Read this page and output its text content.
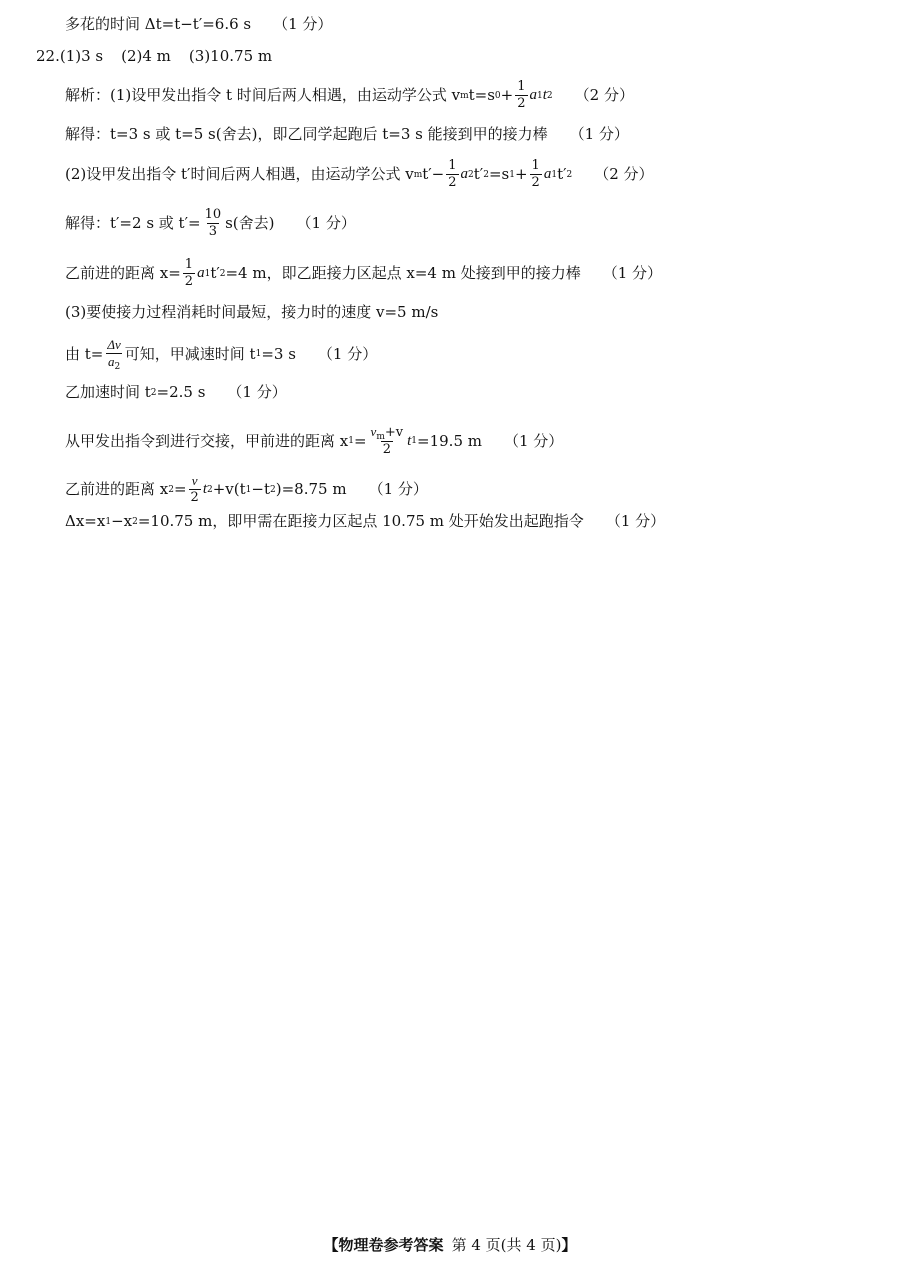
多花的时间 Δt=t−t′=6.6 s （1 分）
22. (1)3 s (2)4 m (3)10.75 m
解析：(1)设甲发出指令 t 时间后两人相遇，由运动学公式 v m t=s $0 + \frac{1}{2}$ a 1 t 2 （2 分）
解得：t=3 s 或 t=5 s(舍去)，即乙同学起跑后 t=3 s 能接到甲的接力棒 （1 分）
(2)设甲发出指令 t′时间后两人相遇，由运动学公式 v m $t'- \frac{1}{2}$ a 2 t′ 2 =s $1 + \frac{1}{2}$ a 1 t′ 2 （2 分）
解得：t′=2 s 或 $t'= \frac{10}{3} s$(舍去) （1 分）
乙前进的距离 $x= \frac{1}{2}$ a 1 t′ 2 =4 m，即乙距接力区起点 x=4 m 处接到甲的接力棒 （1 分）
(3)要使接力过程消耗时间最短，接力时的速度 v=5 m/s
由 $t= \frac{\Delta v}{a_2}$ 可知，甲减速时间 t 1 =3 s （1 分）
乙加速时间 t 2 =2.5 s （1 分）
从甲发出指令到进行交接，甲前进的距离 x $1 = \frac{v_m+v}{2}$ t 1 =19.5 m （1 分）
乙前进的距离 x $2 = \frac{v}{2}$ t 2 +v(t 1 −t 2 )=8.75 m （1 分）
Δx=x 1 −x 2 =10.75 m，即甲需在距接力区起点 10.75 m 处开始发出起跑指令 （1 分）
【物理卷参考答案 第 4 页(共 4 页)】
